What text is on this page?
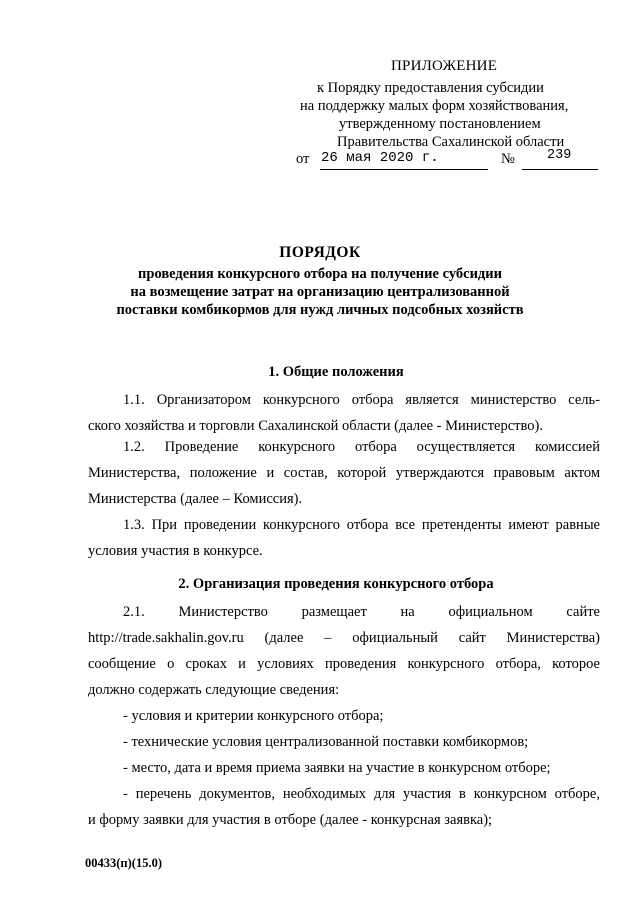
ПРИЛОЖЕНИЕ
к Порядку предоставления субсидии
на поддержку малых форм хозяйствования,
утвержденному постановлением
Правительства Сахалинской области
от 26 мая 2020 г.	№ 239
ПОРЯДОК
проведения конкурсного отбора на получение субсидии
на возмещение затрат на организацию централизованной
поставки комбикормов для нужд личных подсобных хозяйств
1. Общие положения
1.1. Организатором конкурсного отбора является министерство сель-
ского хозяйства и торговли Сахалинской области (далее - Министерство).
1.2. Проведение конкурсного отбора осуществляется комиссией
Министерства, положение и состав, которой утверждаются правовым актом
Министерства (далее – Комиссия).
1.3. При проведении конкурсного отбора все претенденты имеют равные
условия участия в конкурсе.
2. Организация проведения конкурсного отбора
2.1. Министерство размещает на официальном сайте
http://trade.sakhalin.gov.ru (далее – официальный сайт Министерства)
сообщение о сроках и условиях проведения конкурсного отбора, которое
должно содержать следующие сведения:
- условия и критерии конкурсного отбора;
- технические условия централизованной поставки комбикормов;
- место, дата и время приема заявки на участие в конкурсном отборе;
- перечень документов, необходимых для участия в конкурсном отборе,
и форму заявки для участия в отборе (далее - конкурсная заявка);
00433(п)(15.0)
